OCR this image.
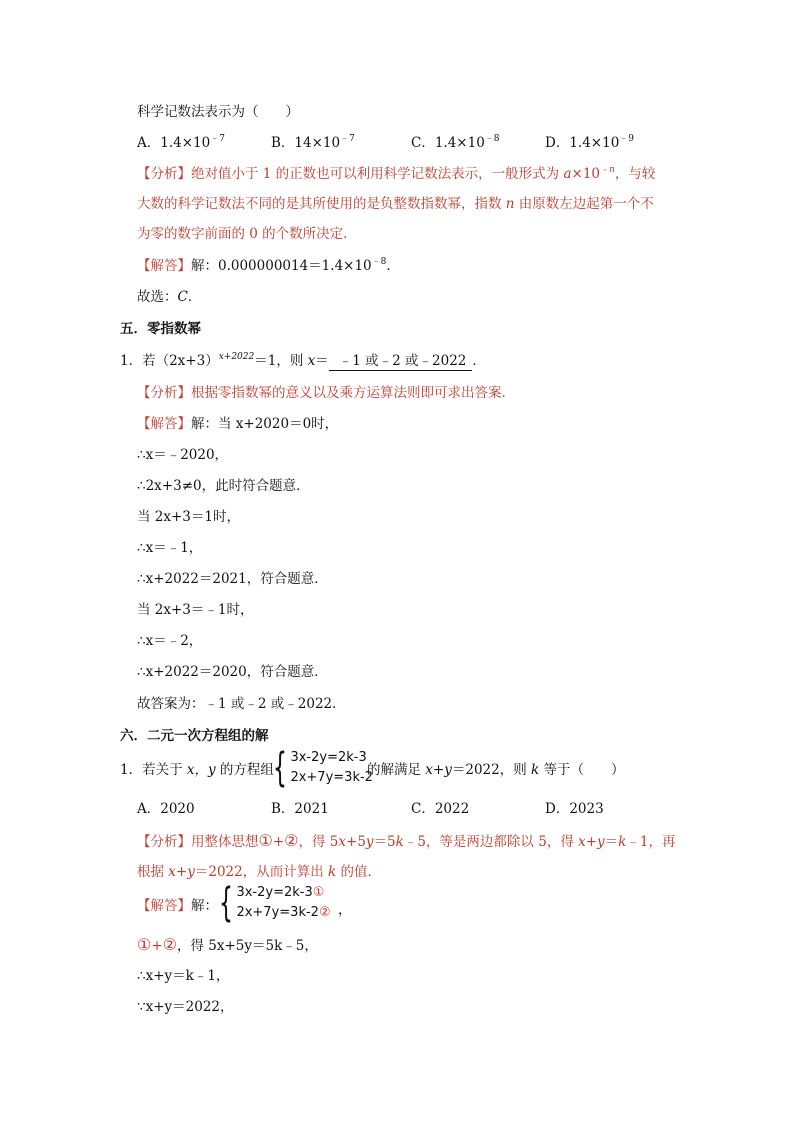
科学记数法表示为（　　）
A．$1.4\times 10^{﹣7}$	B．$14\times 10^{﹣7}$	C．$1.4\times 10^{﹣8}$	D．$1.4\times 10^{﹣9}$
【分析】绝对值小于 1 的正数也可以利用科学记数法表示，一般形式为 $a\times 10^{﹣n}$，与较
大数的科学记数法不同的是其所使用的是负整数指数幂，指数 n 由原数左边起第一个不
为零的数字前面的 0 的个数所决定．
【解答】解：$0.000000014=1.4\times 10^{﹣8}$．
故选：C．
五．零指数幂
1．若$(2x+3)^{x+2022}=1$，则 x＝ ﹣1 或﹣2 或﹣2022 ．
【分析】根据零指数幂的意义以及乘方运算法则即可求出答案．
【解答】解：当 x+2020＝0时，
∴x＝﹣2020，
∴2x+3≠0，此时符合题意．
当 2x+3＝1时，
∴x＝﹣1，
∴x+2022＝2021，符合题意．
当 2x+3＝﹣1时，
∴x＝﹣2，
∴x+2022＝2020，符合题意．
故答案为：﹣1 或﹣2 或﹣2022．
六．二元一次方程组的解
1．若关于 x，y 的方程组 { 3x-2y=2k-3
2x+7y=3k-2
的解满足 x+y＝2022，则 k 等于（　　）
A．2020	B．2021	C．2022	D．2023
【分析】用整体思想①+②，得 5x+5y＝5k﹣5，等是两边都除以 5，得 x+y＝k﹣1，再
根据 x+y＝2022，从而计算出 k 的值．
【解答】解： { 3x-2y=2k-3①
2x+7y=3k-2② ，
①+②，得 5x+5y＝5k﹣5，
∴x+y＝k﹣1，
∵x+y＝2022，
